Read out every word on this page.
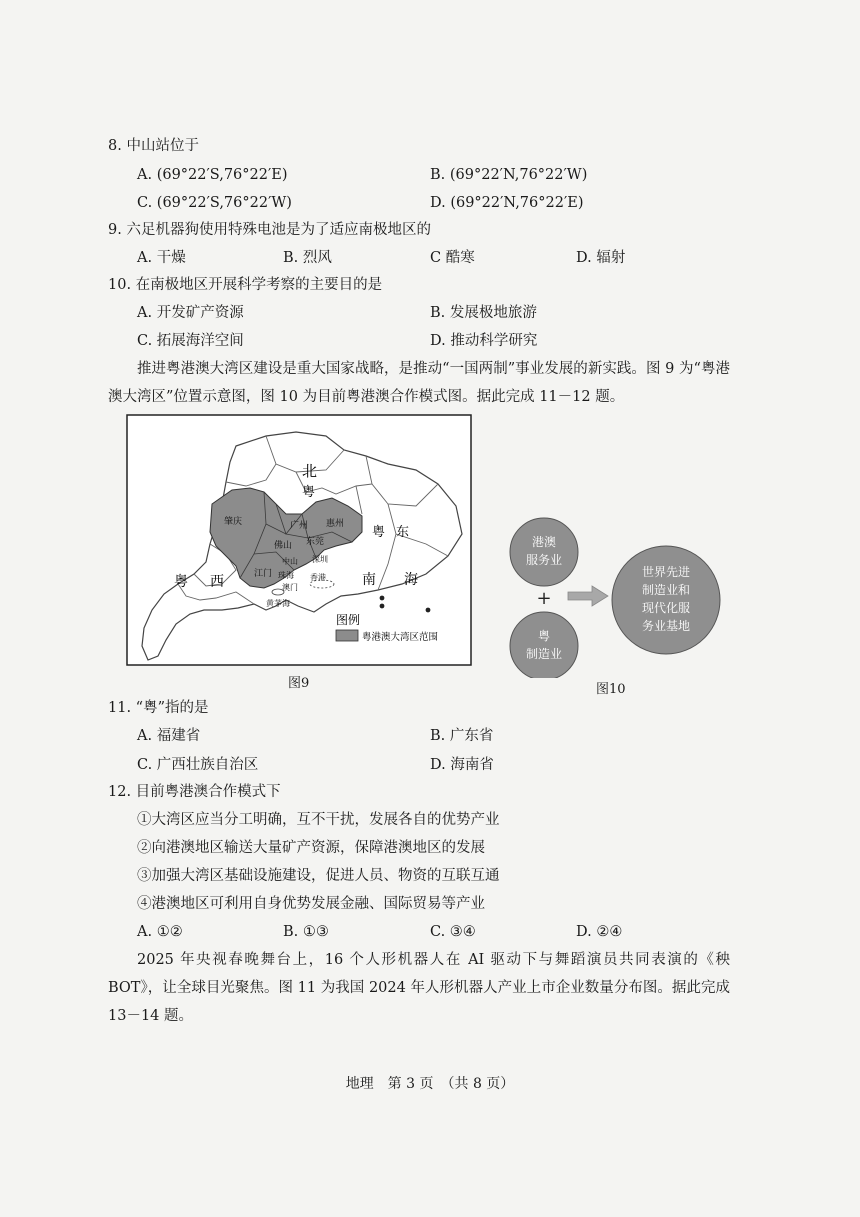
8. 中山站位于
A. (69°22′S,76°22′E)	B. (69°22′N,76°22′W)
C. (69°22′S,76°22′W)	D. (69°22′N,76°22′E)
9. 六足机器狗使用特殊电池是为了适应南极地区的
A. 干燥	B. 烈风	C 酷寒	D. 辐射
10. 在南极地区开展科学考察的主要目的是
A. 开发矿产资源	B. 发展极地旅游
C. 拓展海洋空间	D. 推动科学研究
推进粤港澳大湾区建设是重大国家战略，是推动“一国两制”事业发展的新实践。图 9 为“粤港澳大湾区”位置示意图，图 10 为目前粤港澳合作模式图。据此完成 11－12 题。
北
粤
东
粤
粤 西	南 海
肇庆	广州 惠州
佛山 东莞
中山 深圳
江门 珠海
澳门
香港
黄茅海
图例
粤港澳大湾区范围
图9
港澳
服务业
+
粤
制造业
世界先进
制造业和
现代化服
务业基地
图10
11. “粤”指的是
A. 福建省	B. 广东省
C. 广西壮族自治区	D. 海南省
12. 目前粤港澳合作模式下
①大湾区应当分工明确，互不干扰，发展各自的优势产业
②向港澳地区输送大量矿产资源，保障港澳地区的发展
③加强大湾区基础设施建设，促进人员、物资的互联互通
④港澳地区可利用自身优势发展金融、国际贸易等产业
A. ①②	B. ①③	C. ③④	D. ②④
2025 年央视春晚舞台上，16 个人形机器人在 AI 驱动下与舞蹈演员共同表演的《秧BOT》，让全球目光聚焦。图 11 为我国 2024 年人形机器人产业上市企业数量分布图。据此完成 13－14 题。
地理　第 3 页　（共 8 页）
